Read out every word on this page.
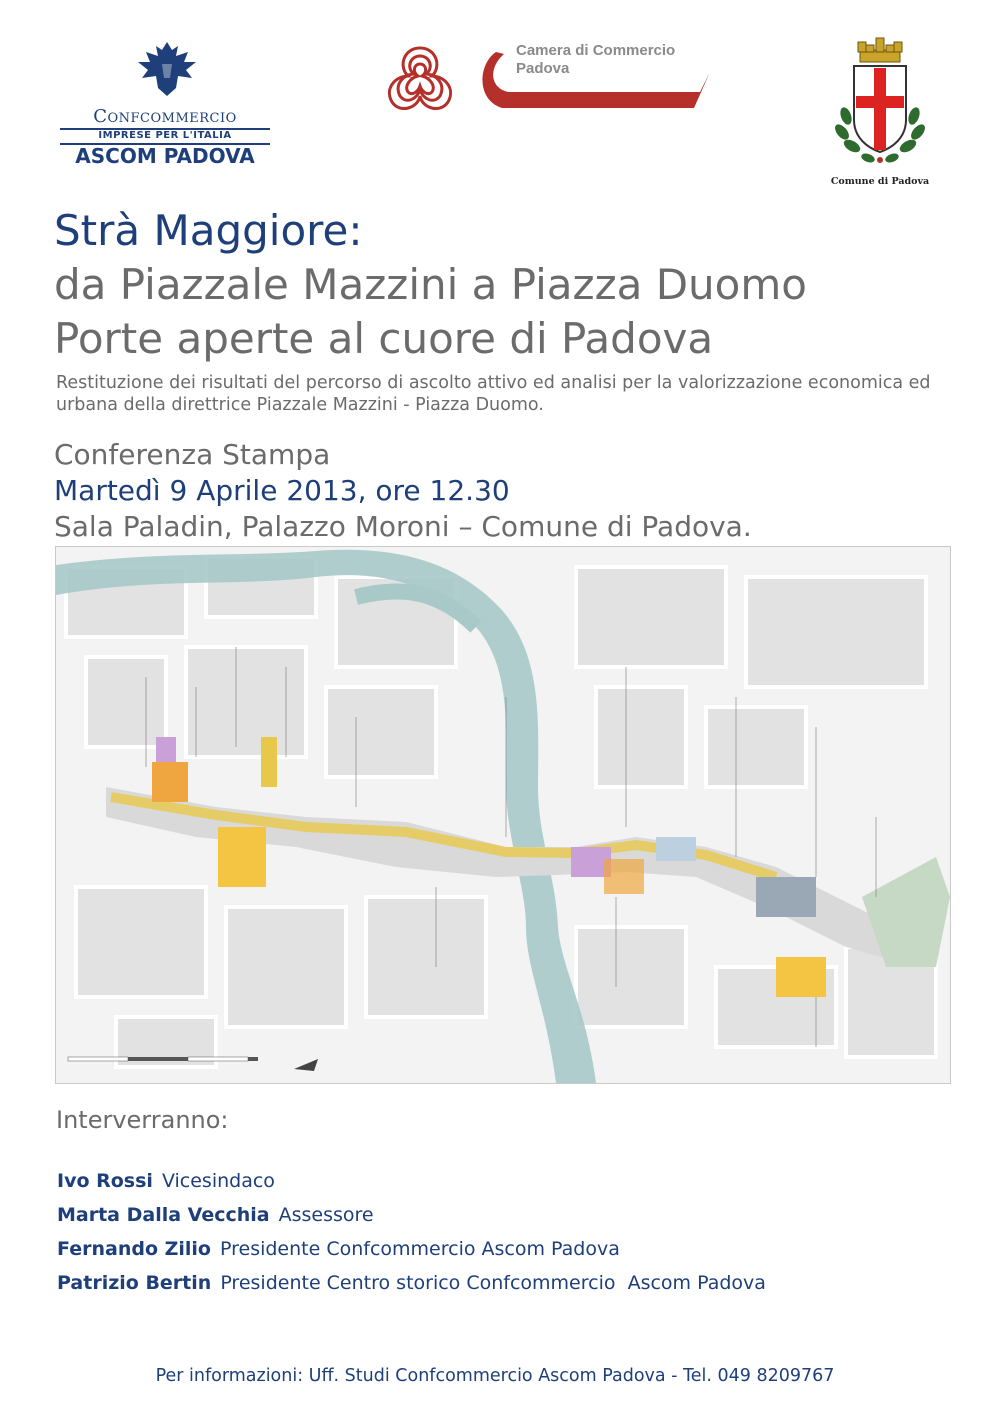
Confcommercio
IMPRESE PER L'ITALIA
ASCOM PADOVA
Camera di Commercio
Padova
Comune di Padova
Strà Maggiore:
da Piazzale Mazzini a Piazza Duomo
Porte aperte al cuore di Padova
Restituzione dei risultati del percorso di ascolto attivo ed analisi per la valorizzazione economica ed urbana della direttrice Piazzale Mazzini - Piazza Duomo.
Conferenza Stampa
Martedì 9 Aprile 2013, ore 12.30
Sala Paladin, Palazzo Moroni – Comune di Padova.
Interverranno:
Ivo Rossi Vicesindaco
Marta Dalla Vecchia Assessore
Fernando Zilio Presidente Confcommercio Ascom Padova
Patrizio Bertin Presidente Centro storico Confcommercio  Ascom Padova
Per informazioni: Uff. Studi Confcommercio Ascom Padova - Tel. 049 8209767
